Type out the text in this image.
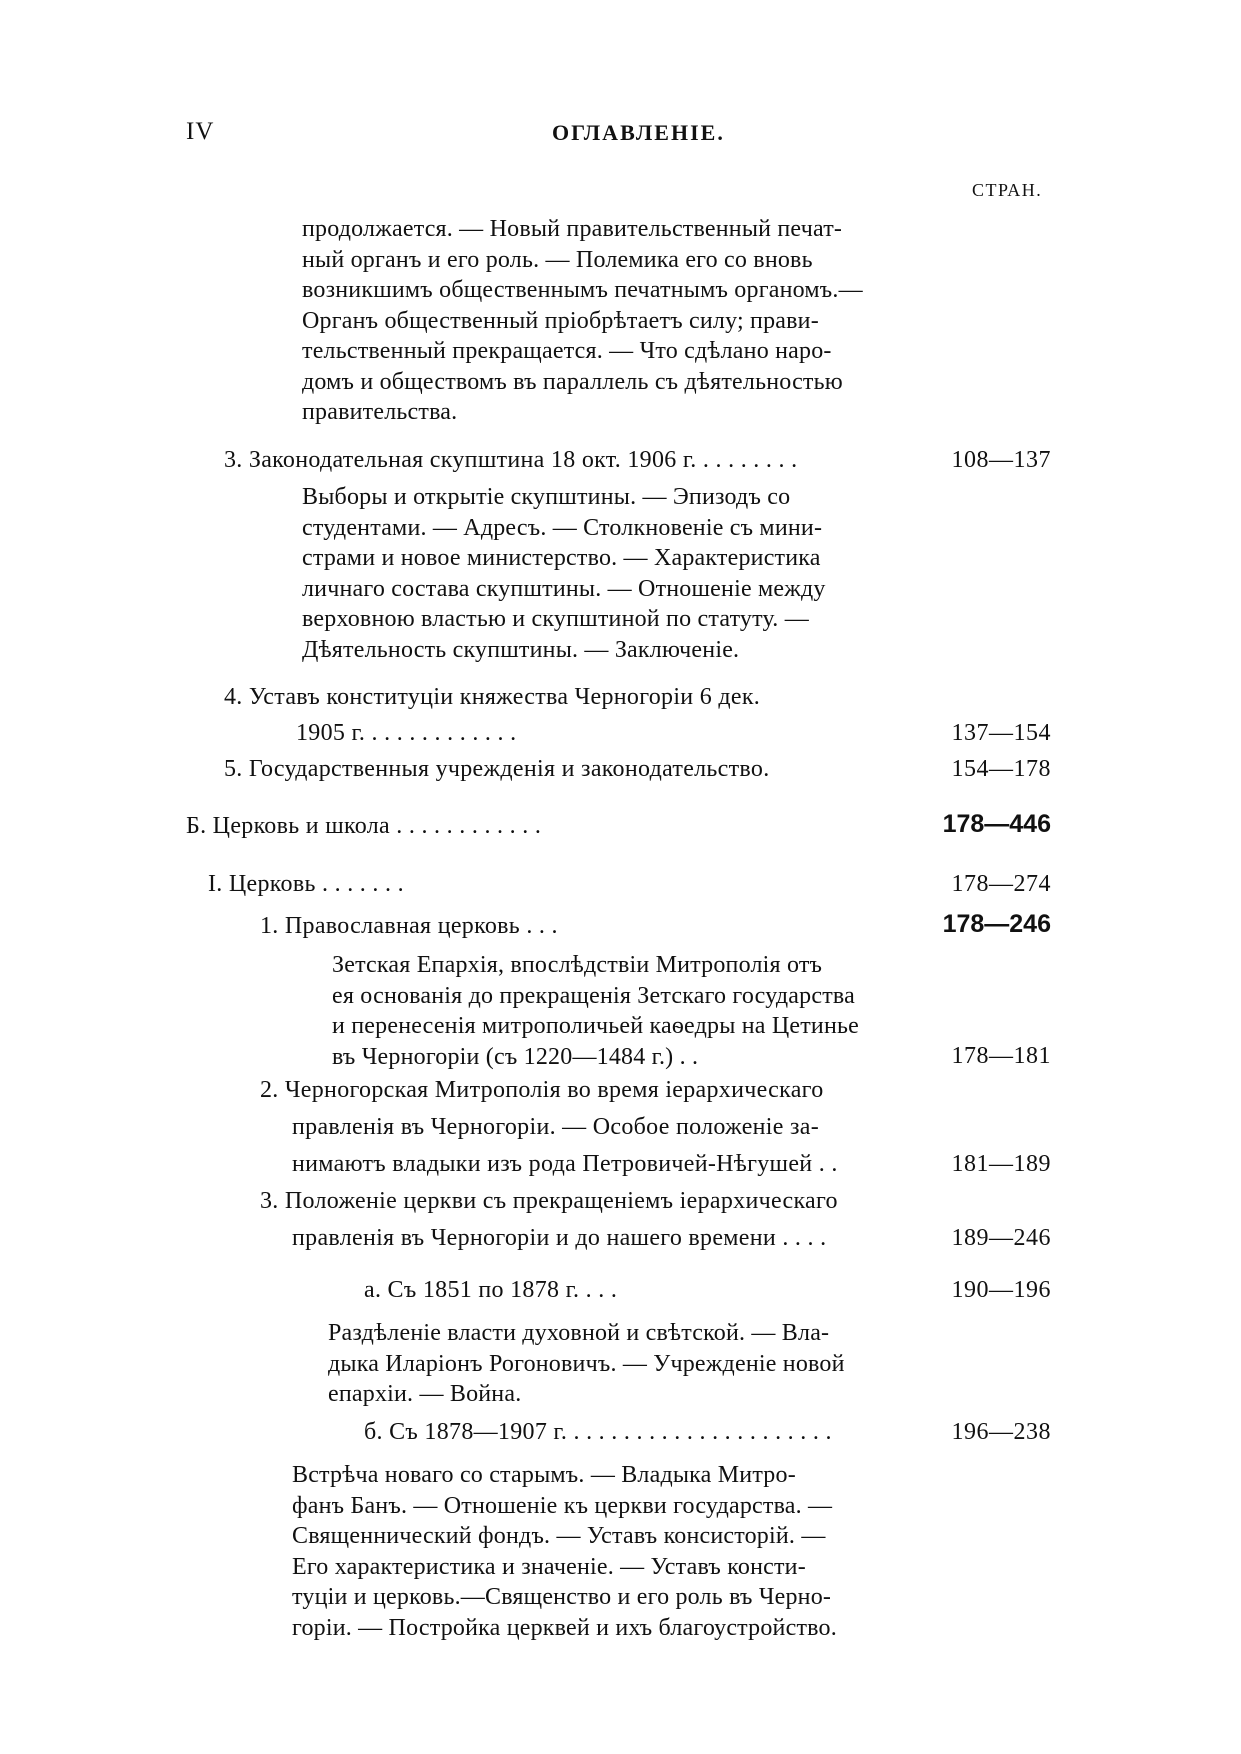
IV	ОГЛАВЛЕНІЕ.
СТРАН.
продолжается. — Новый правительственный печат-
ный органъ и его роль. — Полемика его со вновь
возникшимъ общественнымъ печатнымъ органомъ.—
Органъ общественный пріобрѣтаетъ силу; прави-
тельственный прекращается. — Что сдѣлано наро-
домъ и обществомъ въ параллель съ дѣятельностью
правительства.
3. Законодательная скупштина 18 окт. 1906 г. . . . . . . . .	108—137
Выборы и открытіе скупштины. — Эпизодъ со
студентами. — Адресъ. — Столкновеніе съ мини-
страми и новое министерство. — Характеристика
личнаго состава скупштины. — Отношеніе между
верховною властью и скупштиной по статуту. —
Дѣятельность скупштины. — Заключеніе.
4. Уставъ конституціи княжества Черногоріи 6 дек.
1905 г. . . . . . . . . . . . .	137—154
5. Государственныя учрежденія и законодательство.	154—178
Б. Церковь и школа . . . . . . . . . . . .	178—446
I. Церковь . . . . . . .	178—274
1. Православная церковь . . .	178—246
Зетская Епархія, впослѣдствіи Митрополія отъ
ея основанія до прекращенія Зетскаго государства
и перенесенія митрополичьей каѳедры на Цетинье
въ Черногоріи (съ 1220—1484 г.) . .	178—181
2. Черногорская Митрополія во время іерархическаго
правленія въ Черногоріи. — Особое положеніе за-
нимаютъ владыки изъ рода Петровичей-Нѣгушей . .	181—189
3. Положеніе церкви съ прекращеніемъ іерархическаго
правленія въ Черногоріи и до нашего времени . . . .	189—246
а. Съ 1851 по 1878 г. . . .	190—196
Раздѣленіе власти духовной и свѣтской. — Вла-
дыка Иларіонъ Рогоновичъ. — Учрежденіе новой
епархіи. — Война.
б. Съ 1878—1907 г. . . . . . . . . . . . . . . . . . . . . .	196—238
Встрѣча новаго со старымъ. — Владыка Митро-
фанъ Банъ. — Отношеніе къ церкви государства. —
Священнический фондъ. — Уставъ консисторій. —
Его характеристика и значеніе. — Уставъ консти-
туціи и церковь.—Священство и его роль въ Черно-
горіи. — Постройка церквей и ихъ благоустройство.
